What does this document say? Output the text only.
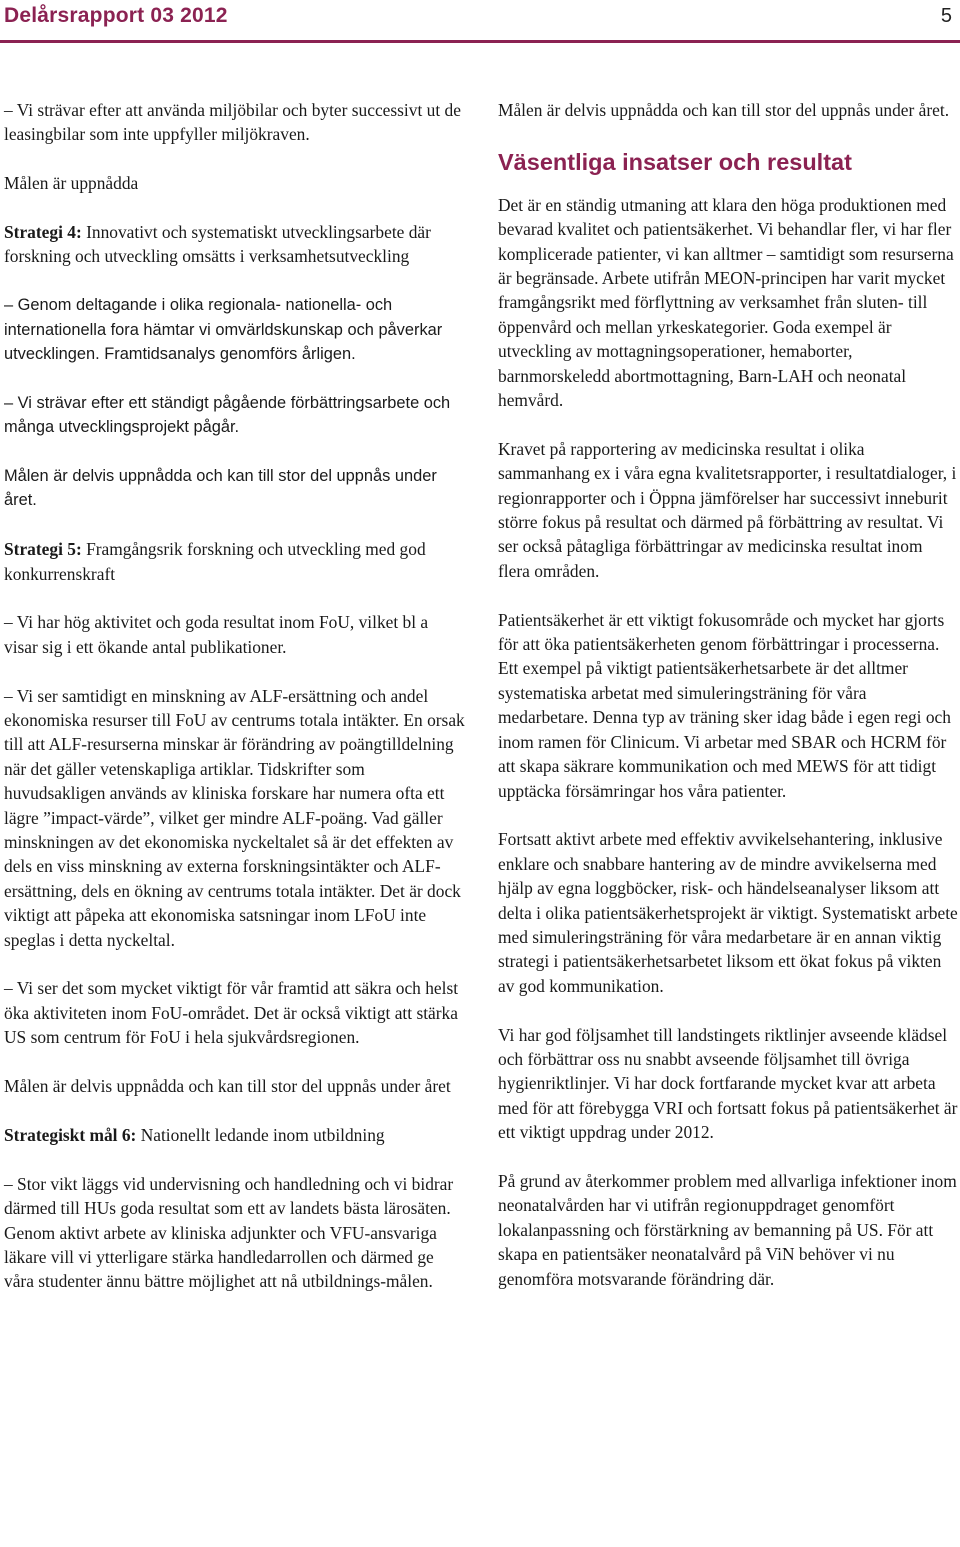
Delårsrapport 03 2012	5

– Vi strävar efter att använda miljöbilar och byter successivt ut de leasingbilar som inte uppfyller miljökraven.

Målen är uppnådda

Strategi 4: Innovativt och systematiskt utvecklingsarbete där forskning och utveckling omsätts i verksamhetsutveckling

– Genom deltagande i olika regionala- nationella- och internationella fora hämtar vi omvärldskunskap och påverkar utvecklingen. Framtidsanalys genomförs årligen.

– Vi strävar efter ett ständigt pågående förbättringsarbete och många utvecklingsprojekt pågår.

Målen är delvis uppnådda och kan till stor del uppnås under året.

Strategi 5: Framgångsrik forskning och utveckling med god konkurrenskraft

– Vi har hög aktivitet och goda resultat inom FoU, vilket bl a visar sig i ett ökande antal publikationer.

– Vi ser samtidigt en minskning av ALF-ersättning och andel ekonomiska resurser till FoU av centrums totala intäkter. En orsak till att ALF-resurserna minskar är förändring av poängtilldelning när det gäller vetenskapliga artiklar. Tidskrifter som huvudsakligen används av kliniska forskare har numera ofta ett lägre ”impact-värde”, vilket ger mindre ALF-poäng. Vad gäller minskningen av det ekonomiska nyckeltalet så är det effekten av dels en viss minskning av externa forskningsintäkter och ALF-ersättning, dels en ökning av centrums totala intäkter. Det är dock viktigt att påpeka att ekonomiska satsningar inom LFoU inte speglas i detta nyckeltal.

– Vi ser det som mycket viktigt för vår framtid att säkra och helst öka aktiviteten inom FoU-området. Det är också viktigt att stärka US som centrum för FoU i hela sjukvårdsregionen.

Målen är delvis uppnådda och kan till stor del uppnås under året

Strategiskt mål 6: Nationellt ledande inom utbildning

– Stor vikt läggs vid undervisning och handledning och vi bidrar därmed till HUs goda resultat som ett av landets bästa lärosäten. Genom aktivt arbete av kliniska adjunkter och VFU-ansvariga läkare vill vi ytterligare stärka handledarrollen och därmed ge våra studenter ännu bättre möjlighet att nå utbildnings-målen.

Målen är delvis uppnådda och kan till stor del uppnås under året.

Väsentliga insatser och resultat

Det är en ständig utmaning att klara den höga produktionen med bevarad kvalitet och patientsäkerhet. Vi behandlar fler, vi har fler komplicerade patienter, vi kan alltmer – samtidigt som resurserna är begränsade. Arbete utifrån MEON-principen har varit mycket framgångsrikt med förflyttning av verksamhet från sluten- till öppenvård och mellan yrkeskategorier. Goda exempel är utveckling av mottagningsoperationer, hemaborter, barnmorskeledd abortmottagning, Barn-LAH och neonatal hemvård.

Kravet på rapportering av medicinska resultat i olika sammanhang ex i våra egna kvalitetsrapporter, i resultatdialoger, i regionrapporter och i Öppna jämförelser har successivt inneburit större fokus på resultat och därmed på förbättring av resultat. Vi ser också påtagliga förbättringar av medicinska resultat inom flera områden.

Patientsäkerhet är ett viktigt fokusområde och mycket har gjorts för att öka patientsäkerheten genom förbättringar i processerna. Ett exempel på viktigt patientsäkerhetsarbete är det alltmer systematiska arbetat med simuleringsträning för våra medarbetare. Denna typ av träning sker idag både i egen regi och inom ramen för Clinicum. Vi arbetar med SBAR och HCRM för att skapa säkrare kommunikation och med MEWS för att tidigt upptäcka försämringar hos våra patienter.

Fortsatt aktivt arbete med effektiv avvikelsehantering, inklusive enklare och snabbare hantering av de mindre avvikelserna med hjälp av egna loggböcker, risk- och händelseanalyser liksom att delta i olika patientsäkerhetsprojekt är viktigt. Systematiskt arbete med simuleringsträning för våra medarbetare är en annan viktig strategi i patientsäkerhetsarbetet liksom ett ökat fokus på vikten av god kommunikation.

Vi har god följsamhet till landstingets riktlinjer avseende klädsel och förbättrar oss nu snabbt avseende följsamhet till övriga hygienriktlinjer. Vi har dock fortfarande mycket kvar att arbeta med för att förebygga VRI och fortsatt fokus på patientsäkerhet är ett viktigt uppdrag under 2012.

På grund av återkommer problem med allvarliga infektioner inom neonatalvården har vi utifrån regionuppdraget genomfört lokalanpassning och förstärkning av bemanning på US. För att skapa en patientsäker neonatalvård på ViN behöver vi nu genomföra motsvarande förändring där.
